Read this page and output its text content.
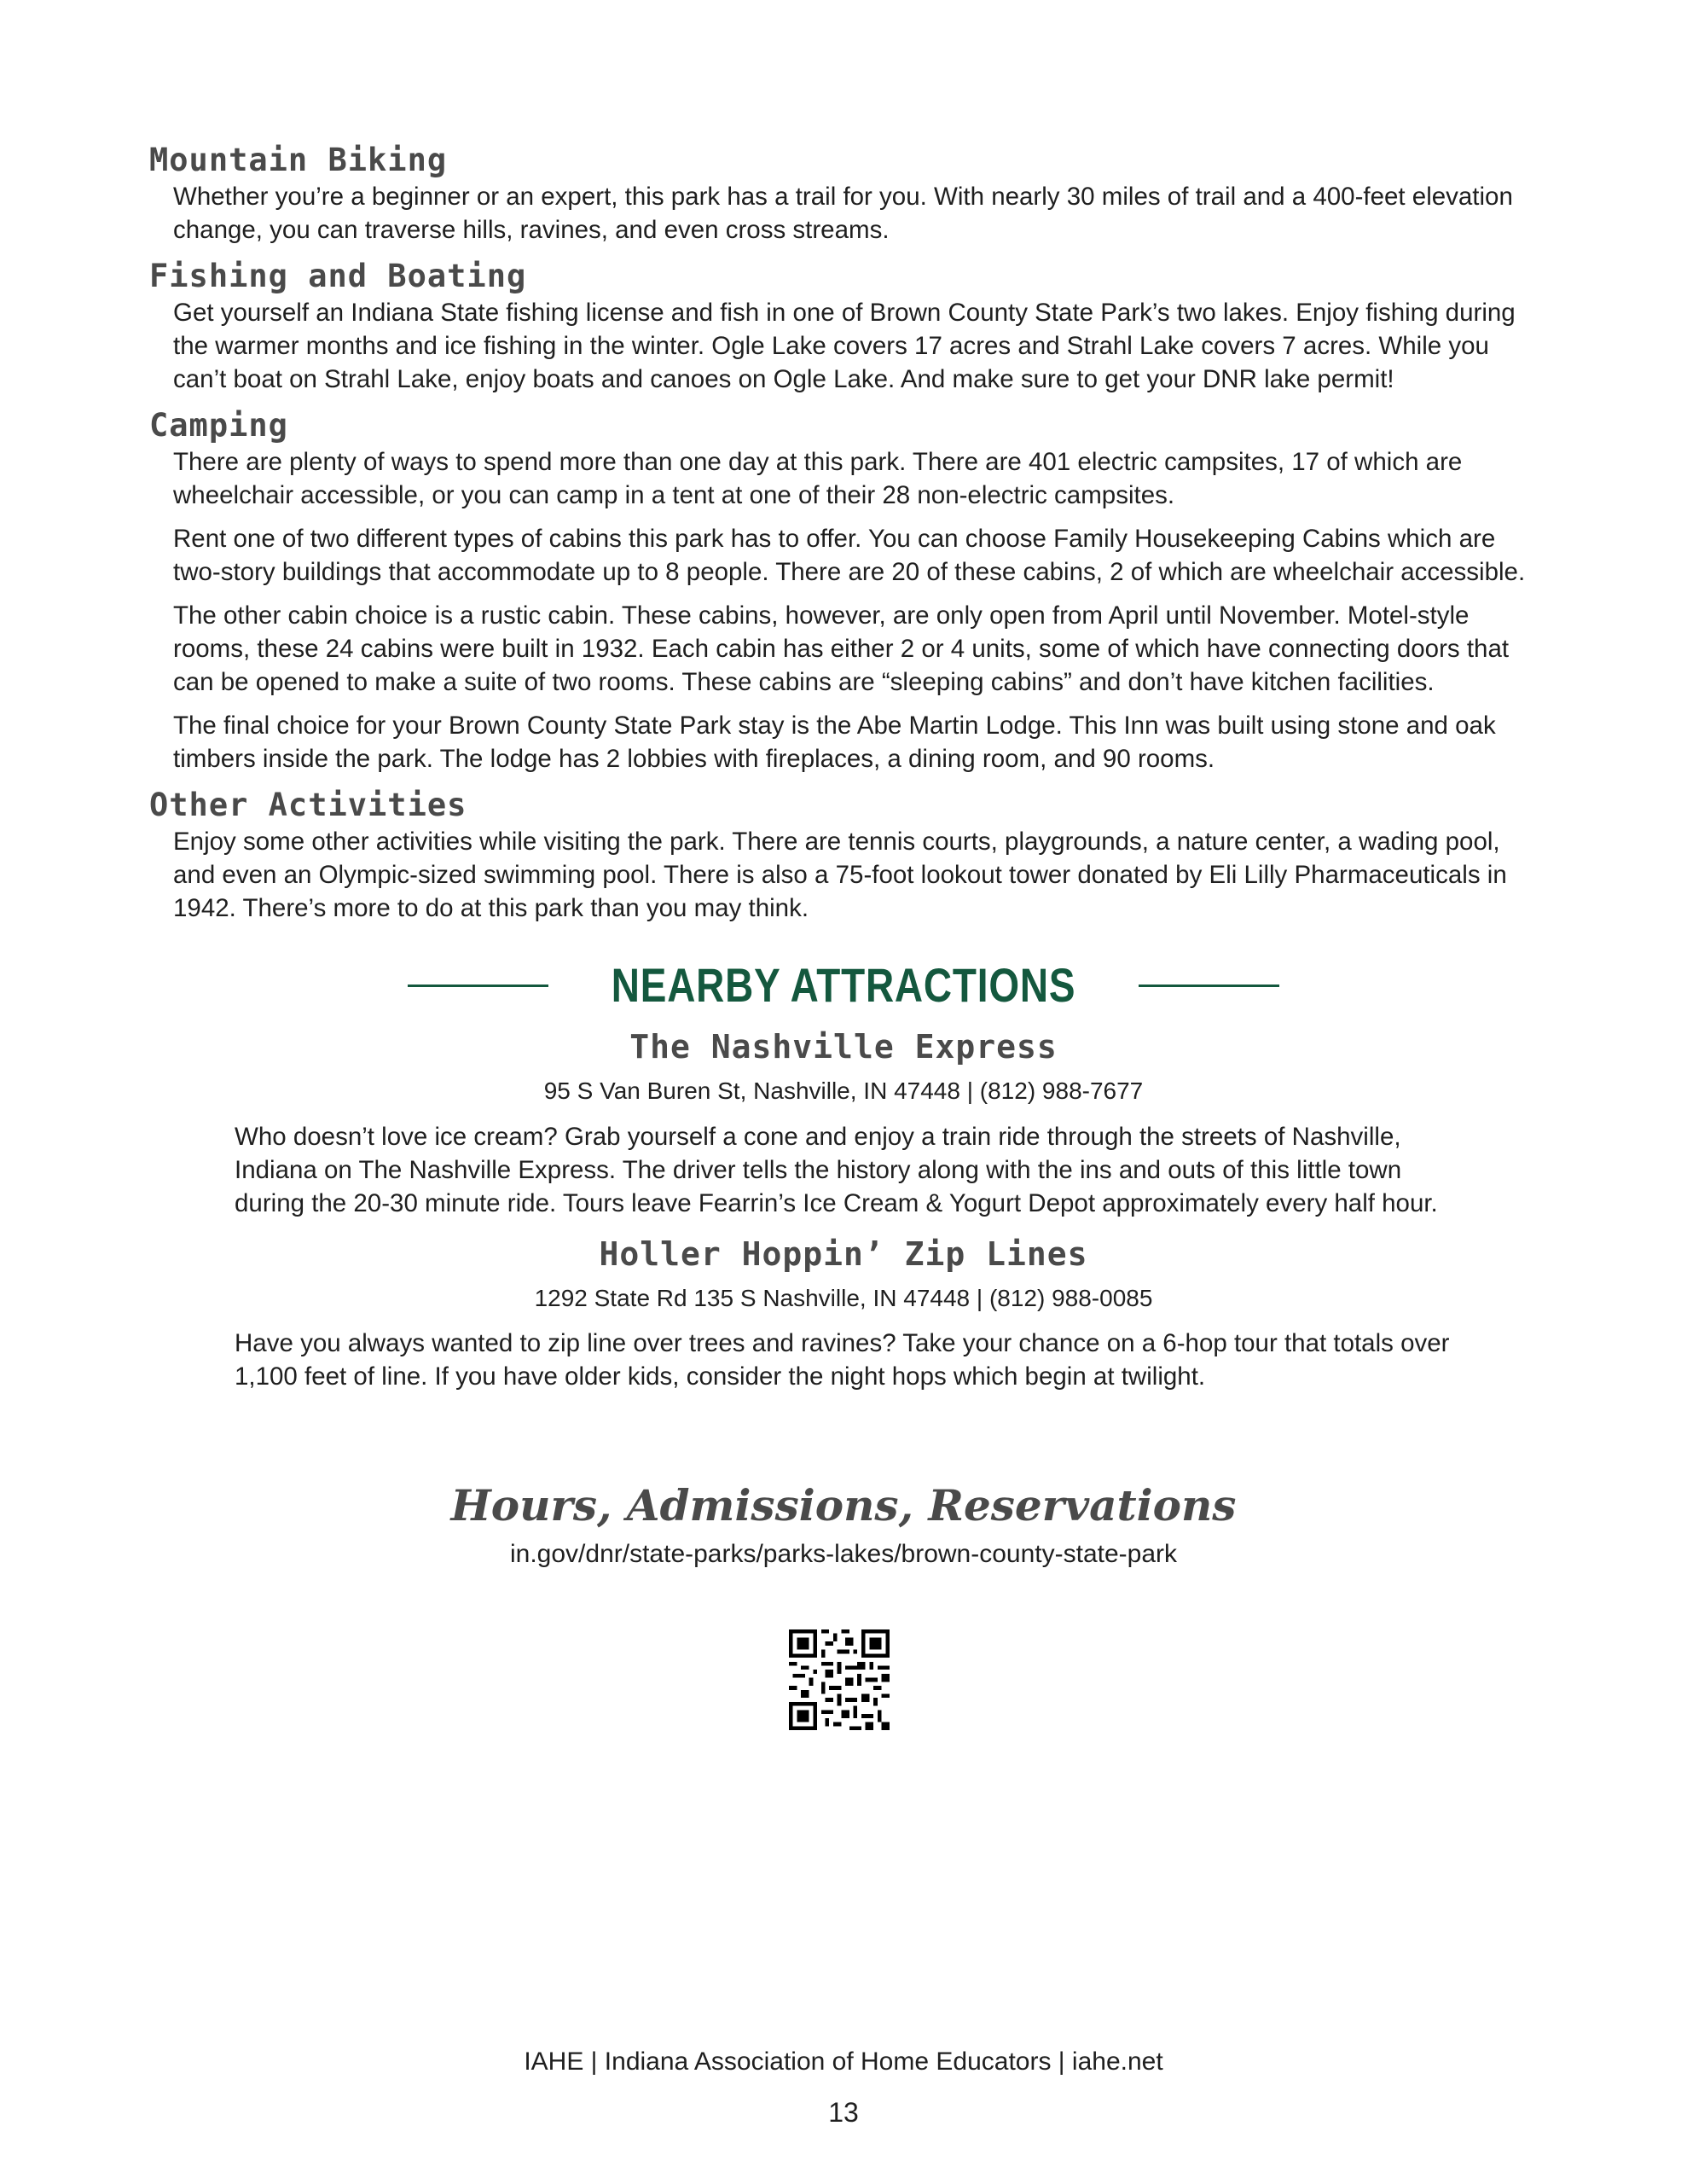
Mountain Biking

Whether you’re a beginner or an expert, this park has a trail for you. With nearly 30 miles of trail and a 400-feet elevation change, you can traverse hills, ravines, and even cross streams.

Fishing and Boating

Get yourself an Indiana State fishing license and fish in one of Brown County State Park’s two lakes. Enjoy fishing during the warmer months and ice fishing in the winter. Ogle Lake covers 17 acres and Strahl Lake covers 7 acres. While you can’t boat on Strahl Lake, enjoy boats and canoes on Ogle Lake. And make sure to get your DNR lake permit!

Camping

There are plenty of ways to spend more than one day at this park. There are 401 electric campsites, 17 of which are wheelchair accessible, or you can camp in a tent at one of their 28 non-electric campsites.

Rent one of two different types of cabins this park has to offer. You can choose Family Housekeeping Cabins which are two-story buildings that accommodate up to 8 people. There are 20 of these cabins, 2 of which are wheelchair accessible.

The other cabin choice is a rustic cabin. These cabins, however, are only open from April until November. Motel-style rooms, these 24 cabins were built in 1932. Each cabin has either 2 or 4 units, some of which have connecting doors that can be opened to make a suite of two rooms. These cabins are “sleeping cabins” and don’t have kitchen facilities.

The final choice for your Brown County State Park stay is the Abe Martin Lodge. This Inn was built using stone and oak timbers inside the park. The lodge has 2 lobbies with fireplaces, a dining room, and 90 rooms.

Other Activities

Enjoy some other activities while visiting the park. There are tennis courts, playgrounds, a nature center, a wading pool, and even an Olympic-sized swimming pool. There is also a 75-foot lookout tower donated by Eli Lilly Pharmaceuticals in 1942. There’s more to do at this park than you may think.

NEARBY ATTRACTIONS
The Nashville Express

95 S Van Buren St, Nashville, IN 47448 | (812) 988-7677

Who doesn’t love ice cream? Grab yourself a cone and enjoy a train ride through the streets of Nashville, Indiana on The Nashville Express. The driver tells the history along with the ins and outs of this little town during the 20-30 minute ride. Tours leave Fearrin’s Ice Cream & Yogurt Depot approximately every half hour.

Holler Hoppin’ Zip Lines

1292 State Rd 135 S Nashville, IN 47448 | (812) 988-0085

Have you always wanted to zip line over trees and ravines? Take your chance on a 6-hop tour that totals over 1,100 feet of line. If you have older kids, consider the night hops which begin at twilight.

Hours, Admissions, Reservations

in.gov/dnr/state-parks/parks-lakes/brown-county-state-park

IAHE | Indiana Association of Home Educators | iahe.net

13
